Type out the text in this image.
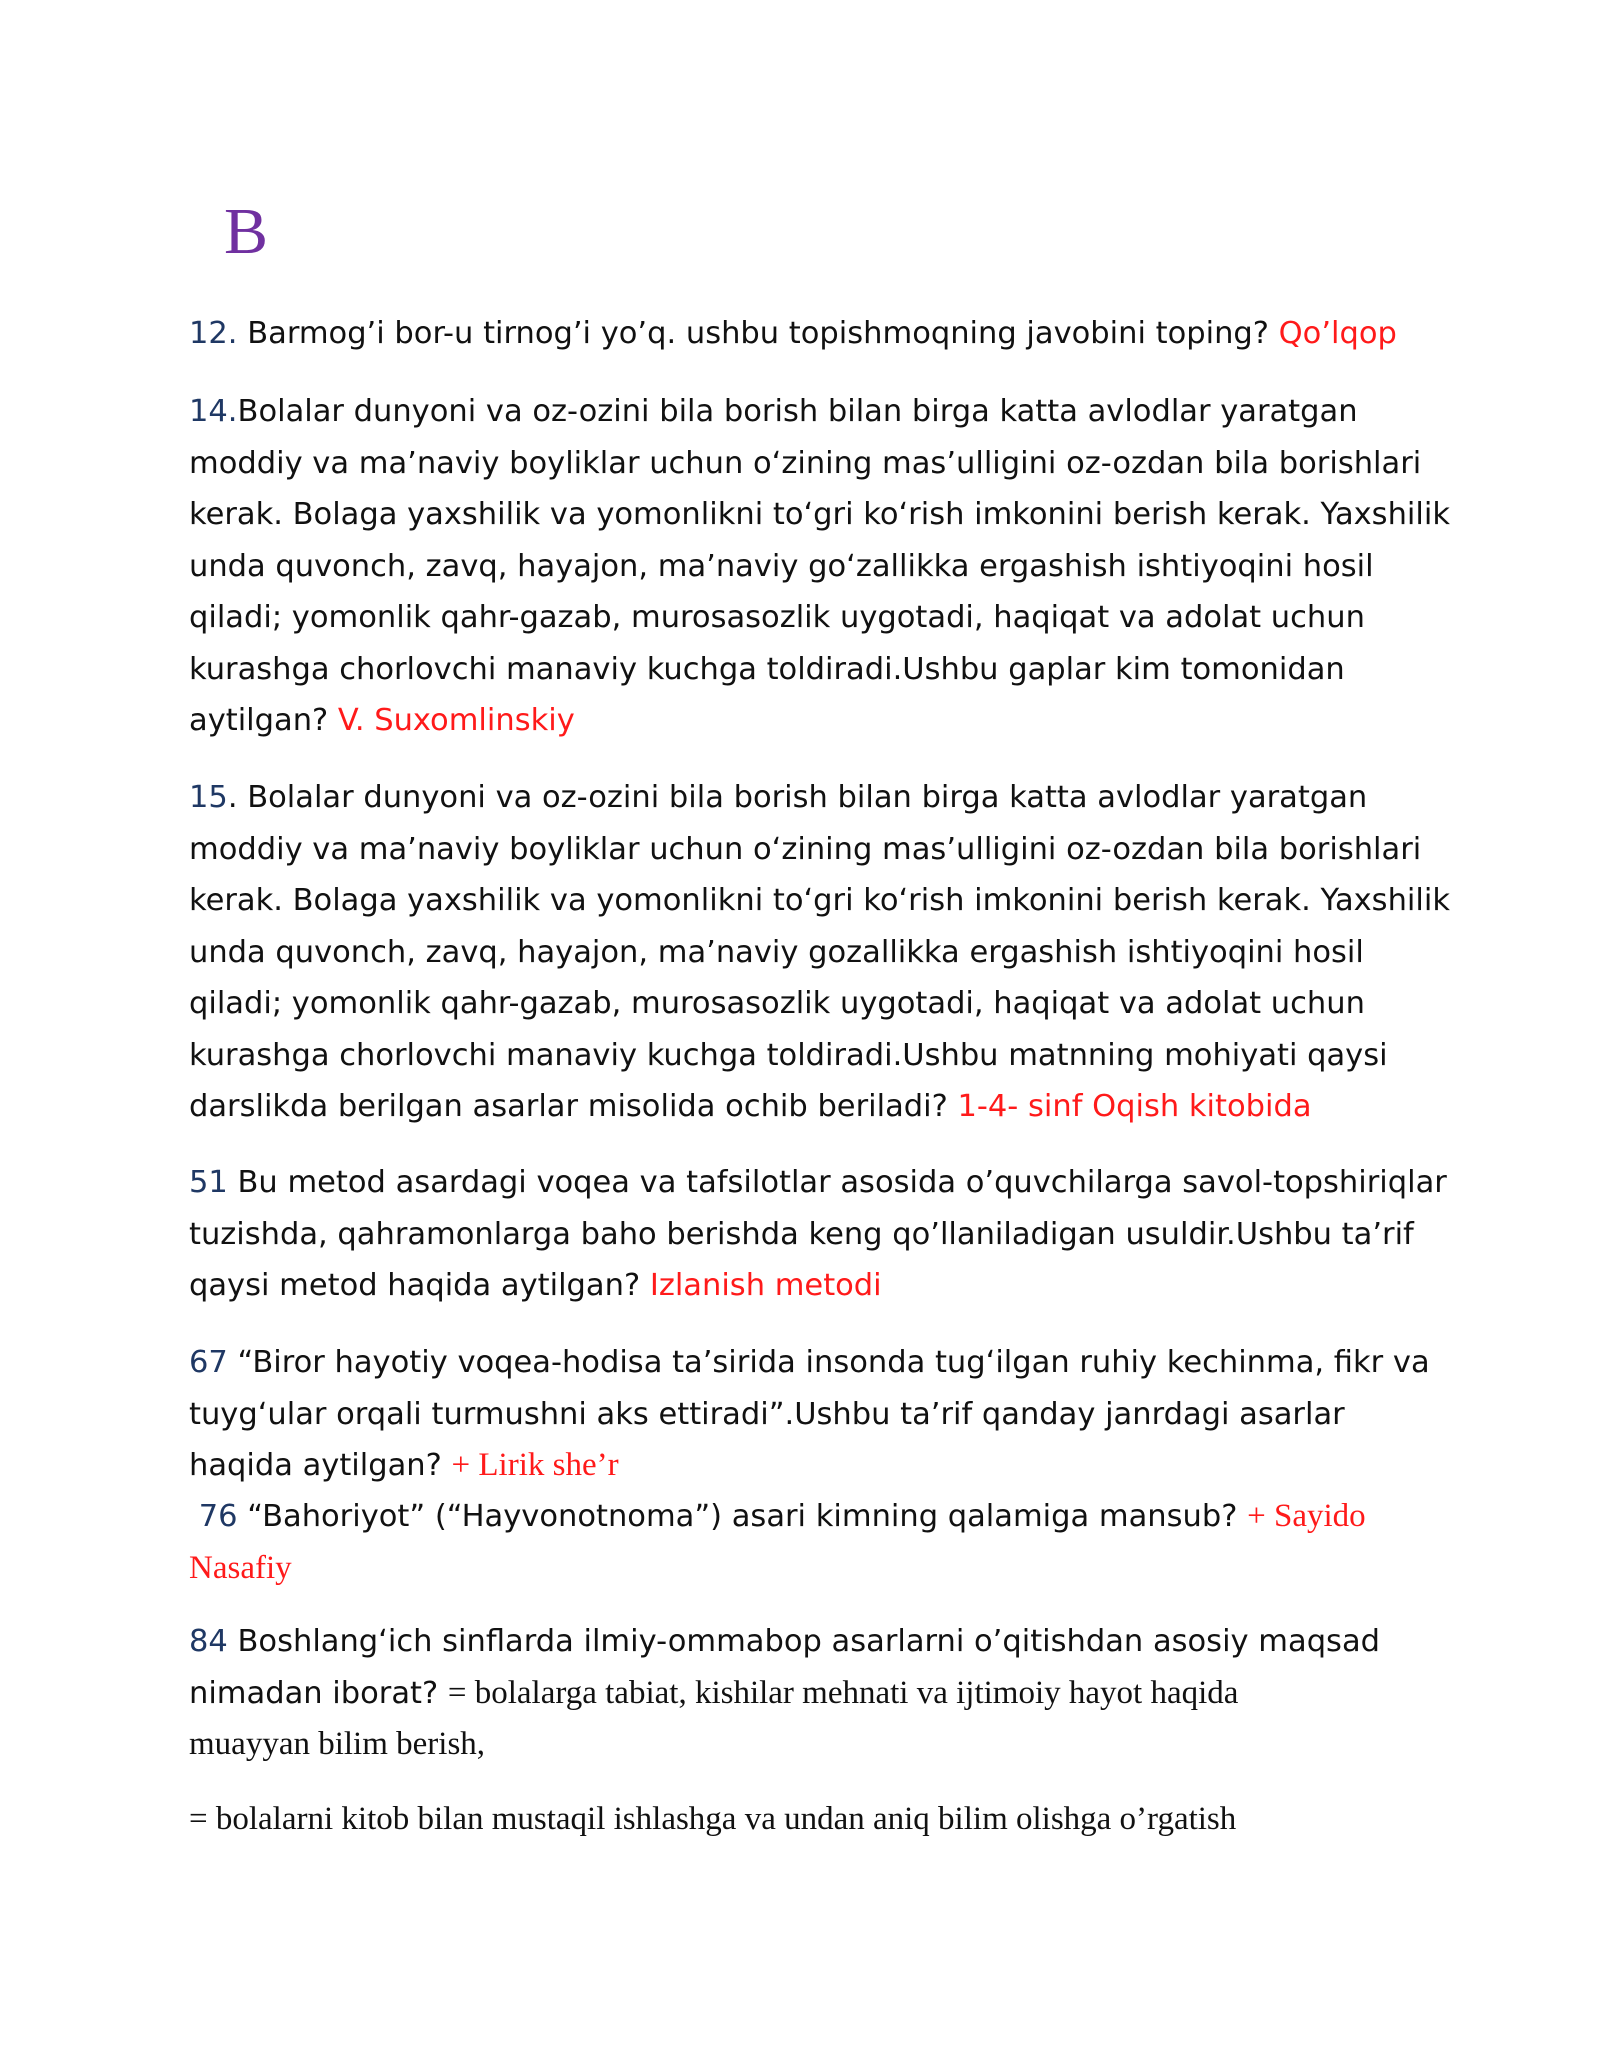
B
12. Barmog’i bor-u tirnog’i yo’q. ushbu topishmoqning javobini toping? Qo’lqop
14.Bolalar dunyoni va oz-ozini bila borish bilan birga katta avlodlar yaratgan
moddiy va ma’naviy boyliklar uchun o‘zining mas’ulligini oz-ozdan bila borishlari
kerak. Bolaga yaxshilik va yomonlikni to‘gri ko‘rish imkonini berish kerak. Yaxshilik
unda quvonch, zavq, hayajon, ma’naviy go‘zallikka ergashish ishtiyoqini hosil
qiladi; yomonlik qahr-gazab, murosasozlik uygotadi, haqiqat va adolat uchun
kurashga chorlovchi manaviy kuchga toldiradi.Ushbu gaplar kim tomonidan
aytilgan? V. Suxomlinskiy
15. Bolalar dunyoni va oz-ozini bila borish bilan birga katta avlodlar yaratgan
moddiy va ma’naviy boyliklar uchun o‘zining mas’ulligini oz-ozdan bila borishlari
kerak. Bolaga yaxshilik va yomonlikni to‘gri ko‘rish imkonini berish kerak. Yaxshilik
unda quvonch, zavq, hayajon, ma’naviy gozallikka ergashish ishtiyoqini hosil
qiladi; yomonlik qahr-gazab, murosasozlik uygotadi, haqiqat va adolat uchun
kurashga chorlovchi manaviy kuchga toldiradi.Ushbu matnning mohiyati qaysi
darslikda berilgan asarlar misolida ochib beriladi? 1-4- sinf Oqish kitobida
51 Bu metod asardagi voqea va tafsilotlar asosida o’quvchilarga savol-topshiriqlar
tuzishda, qahramonlarga baho berishda keng qo’llaniladigan usuldir.Ushbu ta’rif
qaysi metod haqida aytilgan? Izlanish metodi
67 “Biror hayotiy voqea-hodisa ta’sirida insonda tug‘ilgan ruhiy kechinma, fikr va
tuyg‘ular orqali turmushni aks ettiradi”.Ushbu ta’rif qanday janrdagi asarlar
haqida aytilgan? + Lirik she’r
76 “Bahoriyot” (“Hayvonotnoma”) asari kimning qalamiga mansub? + Sayido
Nasafiy
84 Boshlang‘ich sinflarda ilmiy-ommabop asarlarni o’qitishdan asosiy maqsad
nimadan iborat? = bolalarga tabiat, kishilar mehnati va ijtimoiy hayot haqida
muayyan bilim berish,
= bolalarni kitob bilan mustaqil ishlashga va undan aniq bilim olishga o’rgatish
